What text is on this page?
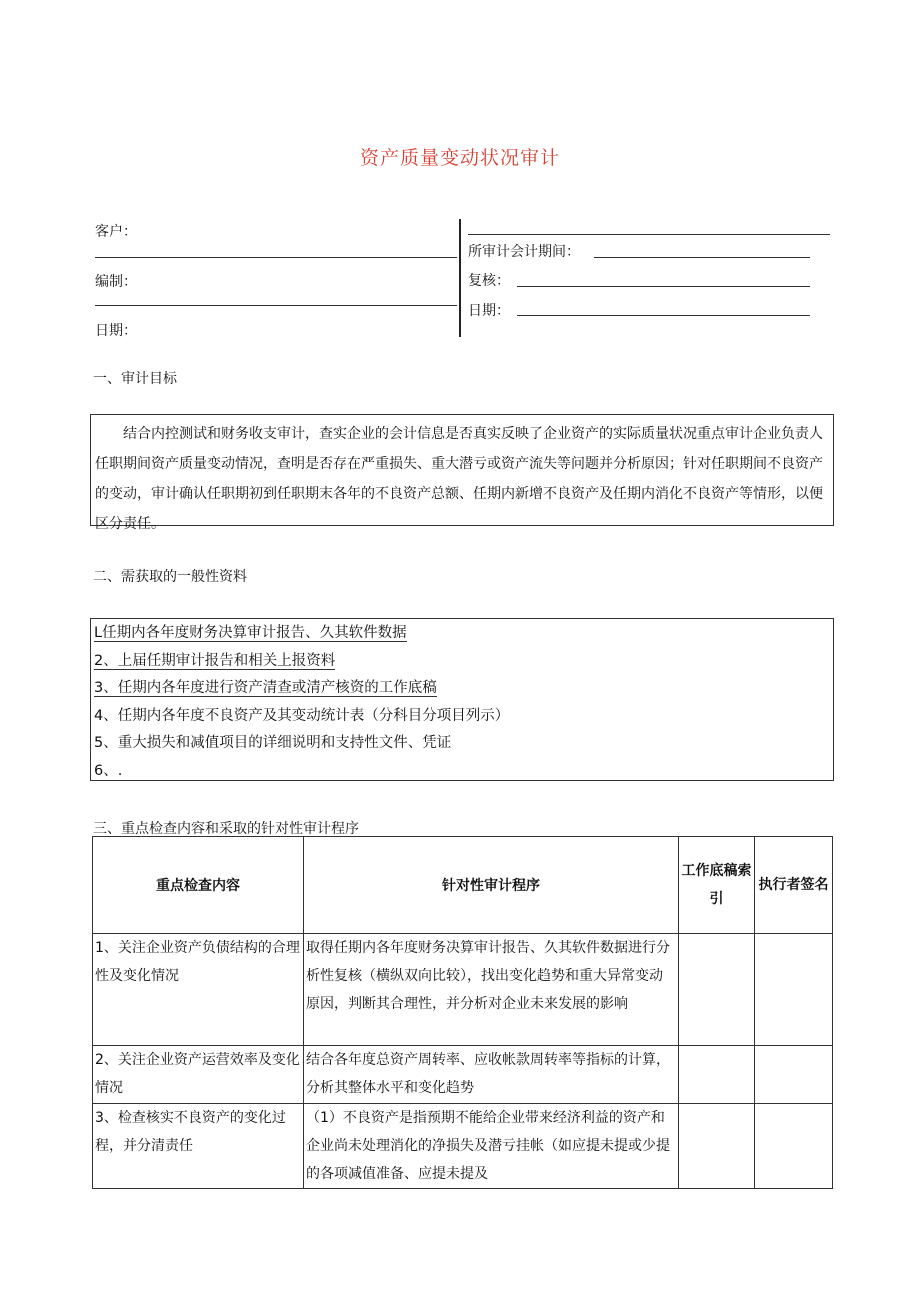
资产质量变动状况审计
客户：
编制：
日期：
所审计会计期间：
复核：
日期：
一、审计目标

结合内控测试和财务收支审计，查实企业的会计信息是否真实反映了企业资产的实际质量状况重点审计企业负责人任职期间资产质量变动情况，查明是否存在严重损失、重大潜亏或资产流失等问题并分析原因；针对任职期间不良资产的变动，审计确认任职期初到任职期末各年的不良资产总额、任期内新增不良资产及任期内消化不良资产等情形，以便区分责任。

二、需获取的一般性资料
L任期内各年度财务决算审计报告、久其软件数据
2、上届任期审计报告和相关上报资料
3、任期内各年度进行资产清查或清产核资的工作底稿
4、任期内各年度不良资产及其变动统计表（分科目分项目列示）
5、重大损失和减值项目的详细说明和支持性文件、凭证
6、.
三、重点检查内容和采取的针对性审计程序
重点检查内容	针对性审计程序	工作底稿索引	执行者签名
1、关注企业资产负债结构的合理性及变化情况	取得任期内各年度财务决算审计报告、久其软件数据进行分析性复核（横纵双向比较），找出变化趋势和重大异常变动原因，判断其合理性，并分析对企业未来发展的影响		
2、关注企业资产运营效率及变化情况	结合各年度总资产周转率、应收帐款周转率等指标的计算，分析其整体水平和变化趋势		
3、检查核实不良资产的变化过程，并分清责任	（1）不良资产是指预期不能给企业带来经济利益的资产和企业尚未处理消化的净损失及潜亏挂帐（如应提未提或少提的各项减值准备、应提未提及		
